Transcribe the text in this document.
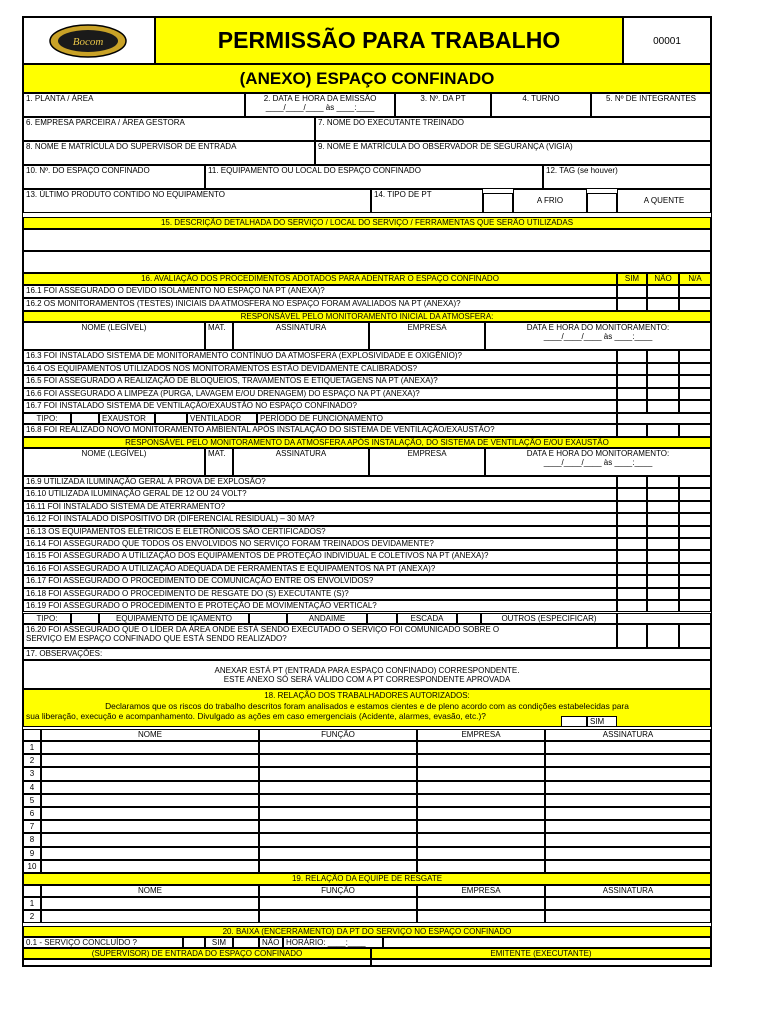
Bocom	PERMISSÃO PARA TRABALHO	00001
(ANEXO) ESPAÇO CONFINADO
1. PLANTA / ÁREA	2. DATA E HORA DA EMISSÃO
____/____/____ às ____:____
3. Nº. DA PT	4. TURNO	5. Nº DE INTEGRANTES
6. EMPRESA PARCEIRA / ÁREA GESTORA	7. NOME DO EXECUTANTE TREINADO
8. NOME E MATRÍCULA DO SUPERVISOR DE ENTRADA	9. NOME E MATRÍCULA DO OBSERVADOR DE SEGURANÇA (VIGIA)
10. Nº. DO ESPAÇO CONFINADO	11. EQUIPAMENTO OU LOCAL DO ESPAÇO CONFINADO	12. TAG (se houver)
13. ÚLTIMO PRODUTO CONTIDO NO EQUIPAMENTO	14. TIPO DE PT
A FRIO	A QUENTE
15. DESCRIÇÃO DETALHADA DO SERVIÇO / LOCAL DO SERVIÇO / FERRAMENTAS QUE SERÃO UTILIZADAS
16. AVALIAÇÃO DOS PROCEDIMENTOS ADOTADOS PARA ADENTRAR O ESPAÇO CONFINADO	SIM	NÃO	N/A
16.1 FOI ASSEGURADO O DEVIDO ISOLAMENTO NO ESPAÇO NA PT (ANEXA)?
16.2 OS MONITORAMENTOS (TESTES) INICIAIS DA ATMOSFERA NO ESPAÇO FORAM AVALIADOS NA PT (ANEXA)?
RESPONSÁVEL PELO MONITORAMENTO INICIAL DA ATMOSFERA:
NOME (LEGÍVEL)	MAT.	ASSINATURA	EMPRESA	DATA E HORA DO MONITORAMENTO:
____/____/____ às ____:____
16.3 FOI INSTALADO SISTEMA DE MONITORAMENTO CONTÍNUO DA ATMOSFERA (EXPLOSIVIDADE E OXIGÊNIO)?
16.4 OS EQUIPAMENTOS UTILIZADOS NOS MONITORAMENTOS ESTÃO DEVIDAMENTE CALIBRADOS?
16.5 FOI ASSEGURADO A REALIZAÇÃO DE BLOQUEIOS, TRAVAMENTOS E ETIQUETAGENS NA PT (ANEXA)?
16.6 FOI ASSEGURADO A LIMPEZA (PURGA, LAVAGEM E/OU DRENAGEM) DO ESPAÇO NA PT (ANEXA)?
16.7 FOI INSTALADO SISTEMA DE VENTILAÇÃO/EXAUSTÃO NO ESPAÇO CONFINADO?
TIPO:	EXAUSTOR	VENTILADOR	PERÍODO DE FUNCIONAMENTO
16.8 FOI REALIZADO NOVO MONITORAMENTO AMBIENTAL APÓS INSTALAÇÃO DO SISTEMA DE VENTILAÇÃO/EXAUSTÃO?
RESPONSÁVEL PELO MONITORAMENTO DA ATMOSFERA APÓS INSTALAÇÃO, DO SISTEMA DE VENTILAÇÃO E/OU EXAUSTÃO
NOME (LEGÍVEL)	MAT.	ASSINATURA	EMPRESA	DATA E HORA DO MONITORAMENTO:
____/____/____ às ____:____
16.9 UTILIZADA ILUMINAÇÃO GERAL À PROVA DE EXPLOSÃO?
16.10 UTILIZADA ILUMINAÇÃO GERAL DE 12 OU 24 VOLT?
16.11 FOI INSTALADO SISTEMA DE ATERRAMENTO?
16.12 FOI INSTALADO DISPOSITIVO DR (DIFERENCIAL RESIDUAL) – 30 MA?
16.13 OS EQUIPAMENTOS ELÉTRICOS E ELETRÔNICOS SÃO CERTIFICADOS?
16.14 FOI ASSEGURADO QUE TODOS OS ENVOLVIDOS NO SERVIÇO FORAM TREINADOS DEVIDAMENTE?
16.15 FOI ASSEGURADO A UTILIZAÇÃO DOS EQUIPAMENTOS DE PROTEÇÃO INDIVIDUAL E COLETIVOS NA PT (ANEXA)?
16.16 FOI ASSEGURADO A UTILIZAÇÃO ADEQUADA DE FERRAMENTAS E EQUIPAMENTOS NA PT (ANEXA)?
16.17 FOI ASSEGURADO O PROCEDIMENTO DE COMUNICAÇÃO ENTRE OS ENVOLVIDOS?
16.18 FOI ASSEGURADO O PROCEDIMENTO DE RESGATE DO (S) EXECUTANTE (S)?
16.19 FOI ASSEGURADO O PROCEDIMENTO E PROTEÇÃO DE MOVIMENTAÇÃO VERTICAL?
TIPO:	EQUIPAMENTO DE IÇAMENTO	ANDAIME	ESCADA	OUTROS (ESPECIFICAR)
16.20 FOI ASSEGURADO QUE O LÍDER DA ÁREA ONDE ESTÁ SENDO EXECUTADO O SERVIÇO FOI COMUNICADO SOBRE O
SERVIÇO EM ESPAÇO CONFINADO QUE ESTÁ SENDO REALIZADO?
17. OBSERVAÇÕES:
ANEXAR ESTÁ PT (ENTRADA PARA ESPAÇO CONFINADO) CORRESPONDENTE.
ESTE ANEXO SÓ SERÁ VÁLIDO COM A PT CORRESPONDENTE APROVADA
18. RELAÇÃO DOS TRABALHADORES AUTORIZADOS:
Declaramos que os riscos do trabalho descritos foram analisados e estamos cientes e de pleno acordo com as condições estabelecidas para
sua liberação, execução e acompanhamento. Divulgado as ações em caso emergenciais (Acidente, alarmes, evasão, etc.)?
SIM
NOME	FUNÇÃO	EMPRESA	ASSINATURA
1
2
3
4
5
6
7
8
9
10
19. RELAÇÃO DA EQUIPE DE RESGATE
NOME	FUNÇÃO	EMPRESA	ASSINATURA
1
2
20. BAIXA (ENCERRAMENTO) DA PT DO SERVIÇO NO ESPAÇO CONFINADO
0.1 - SERVIÇO CONCLUÍDO ?	SIM	NÃO HORÁRIO: ____:____
(SUPERVISOR) DE ENTRADA DO ESPAÇO CONFINADO	EMITENTE (EXECUTANTE)
